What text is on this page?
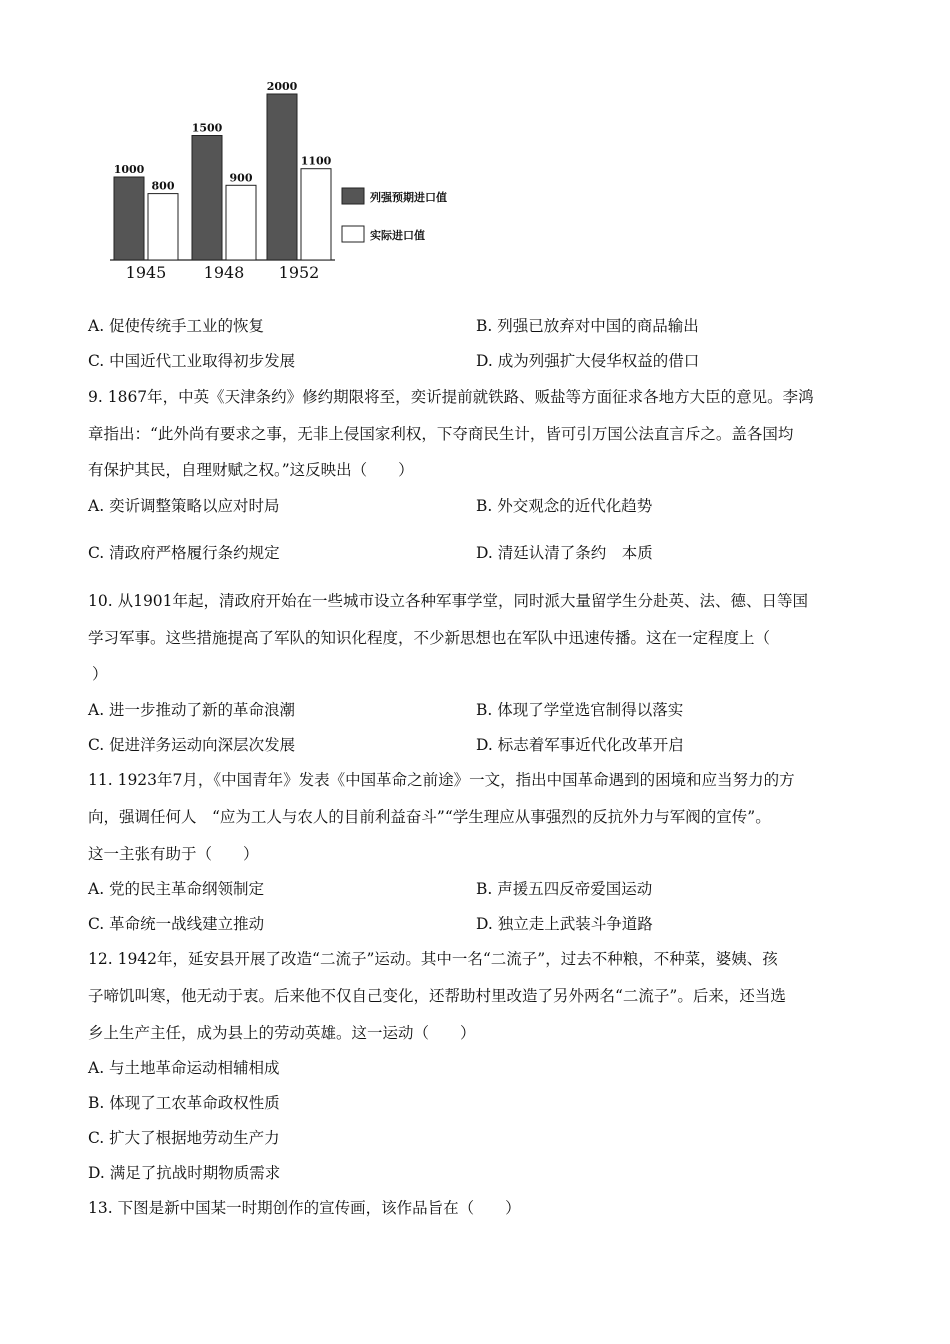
1000
800
1945
1500
900
1948
2000
1100
1952
列强预期进口值
实际进口值
A. 促使传统手工业的恢复	B. 列强已放弃对中国的商品输出
C. 中国近代工业取得初步发展	D. 成为列强扩大侵华权益的借口
9. 1867年，中英《天津条约》修约期限将至，奕䜣提前就铁路、贩盐等方面征求各地方大臣的意见。李鸿
章指出：“此外尚有要求之事，无非上侵国家利权，下夺商民生计，皆可引万国公法直言斥之。盖各国均
有保护其民，自理财赋之权。”这反映出（　　）
A. 奕䜣调整策略以应对时局	B. 外交观念的近代化趋势
C. 清政府严格履行条约规定	D. 清廷认清了条约　本质
10. 从1901年起，清政府开始在一些城市设立各种军事学堂，同时派大量留学生分赴英、法、德、日等国
学习军事。这些措施提高了军队的知识化程度，不少新思想也在军队中迅速传播。这在一定程度上（
）
A. 进一步推动了新的革命浪潮	B. 体现了学堂选官制得以落实
C. 促进洋务运动向深层次发展	D. 标志着军事近代化改革开启
11. 1923年7月，《中国青年》发表《中国革命之前途》一文，指出中国革命遇到的困境和应当努力的方
向，强调任何人　“应为工人与农人的目前利益奋斗”“学生理应从事强烈的反抗外力与军阀的宣传”。
这一主张有助于（　　）
A. 党的民主革命纲领制定	B. 声援五四反帝爱国运动
C. 革命统一战线建立推动	D. 独立走上武装斗争道路
12. 1942年，延安县开展了改造“二流子”运动。其中一名“二流子”，过去不种粮，不种菜，婆姨、孩
子啼饥叫寒，他无动于衷。后来他不仅自己变化，还帮助村里改造了另外两名“二流子”。后来，还当选
乡上生产主任，成为县上的劳动英雄。这一运动（　　）
A. 与土地革命运动相辅相成
B. 体现了工农革命政权性质
C. 扩大了根据地劳动生产力
D. 满足了抗战时期物质需求
13. 下图是新中国某一时期创作的宣传画，该作品旨在（　　）
